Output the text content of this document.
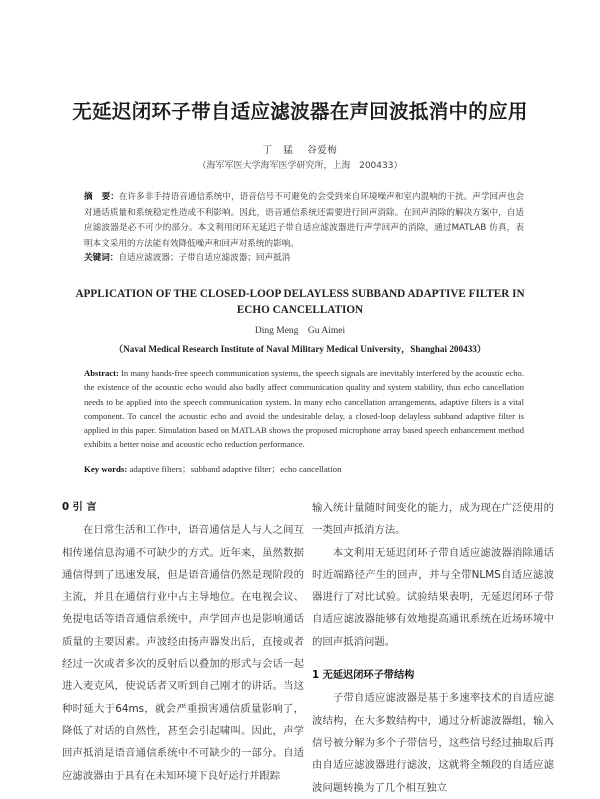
无延迟闭环子带自适应滤波器在声回波抵消中的应用
丁   猛    谷爱梅
（海军军医大学海军医学研究所，上海   200433）
摘   要：在许多非手持语音通信系统中，语音信号不可避免的会受到来自环境噪声和室内混响的干扰。声学回声也会对通话质量和系统稳定性造成不利影响。因此，语音通信系统还需要进行回声消除。在回声消除的解决方案中，自适应滤波器是必不可少的部分。本文利用闭环无延迟子带自适应滤波器进行声学回声的消除，通过MATLAB 仿真，表明本文采用的方法能有效降低噪声和回声对系统的影响。
关键词：自适应滤波器；子带自适应滤波器；回声抵消
APPLICATION OF THE CLOSED-LOOP DELAYLESS SUBBAND ADAPTIVE FILTER IN ECHO CANCELLATION
Ding Meng    Gu Aimei
（Naval Medical Research Institute of Naval Military Medical University，Shanghai 200433）
Abstract: In many hands-free speech communication systems, the speech signals are inevitably interfered by the acoustic echo. the existence of the acoustic echo would also badly affect communication quality and system stability, thus echo cancellation needs to be applied into the speech communication system. In many echo cancellation arrangements, adaptive filters is a vital component. To cancel the acoustic echo and avoid the undesirable delay, a closed-loop delayless subband adaptive filter is applied in this paper. Simulation based on MATLAB shows the proposed microphone array based speech enhancement method exhibits a better noise and acoustic echo reduction performance.
Key words: adaptive filters；subband adaptive filter；echo cancellation
0 引 言

在日常生活和工作中，语音通信是人与人之间互相传递信息沟通不可缺少的方式。近年来，虽然数据通信得到了迅速发展，但是语音通信仍然是现阶段的主流，并且在通信行业中占主导地位。在电视会议、免提电话等语音通信系统中，声学回声也是影响通话质量的主要因素。声波经由扬声器发出后，直接或者经过一次或者多次的反射后以叠加的形式与会话一起进入麦克风，使说话者又听到自己刚才的讲话。当这种时延大于64ms，就会严重损害通信质量影响了，降低了对话的自然性，甚至会引起啸叫。因此，声学回声抵消是语音通信系统中不可缺少的一部分。自适应滤波器由于具有在未知环境下良好运行并跟踪

输入统计量随时间变化的能力，成为现在广泛使用的一类回声抵消方法。

本文利用无延迟闭环子带自适应滤波器消除通话时近端路径产生的回声，并与全带NLMS自适应滤波器进行了对比试验。试验结果表明，无延迟闭环子带自适应滤波器能够有效地提高通讯系统在近场环境中的回声抵消问题。

1 无延迟闭环子带结构

子带自适应滤波器是基于多速率技术的自适应滤波结构，在大多数结构中，通过分析滤波器组，输入信号被分解为多个子带信号，这些信号经过抽取后再由自适应滤波器进行滤波，这就将全频段的自适应滤波问题转换为了几个相互独立
